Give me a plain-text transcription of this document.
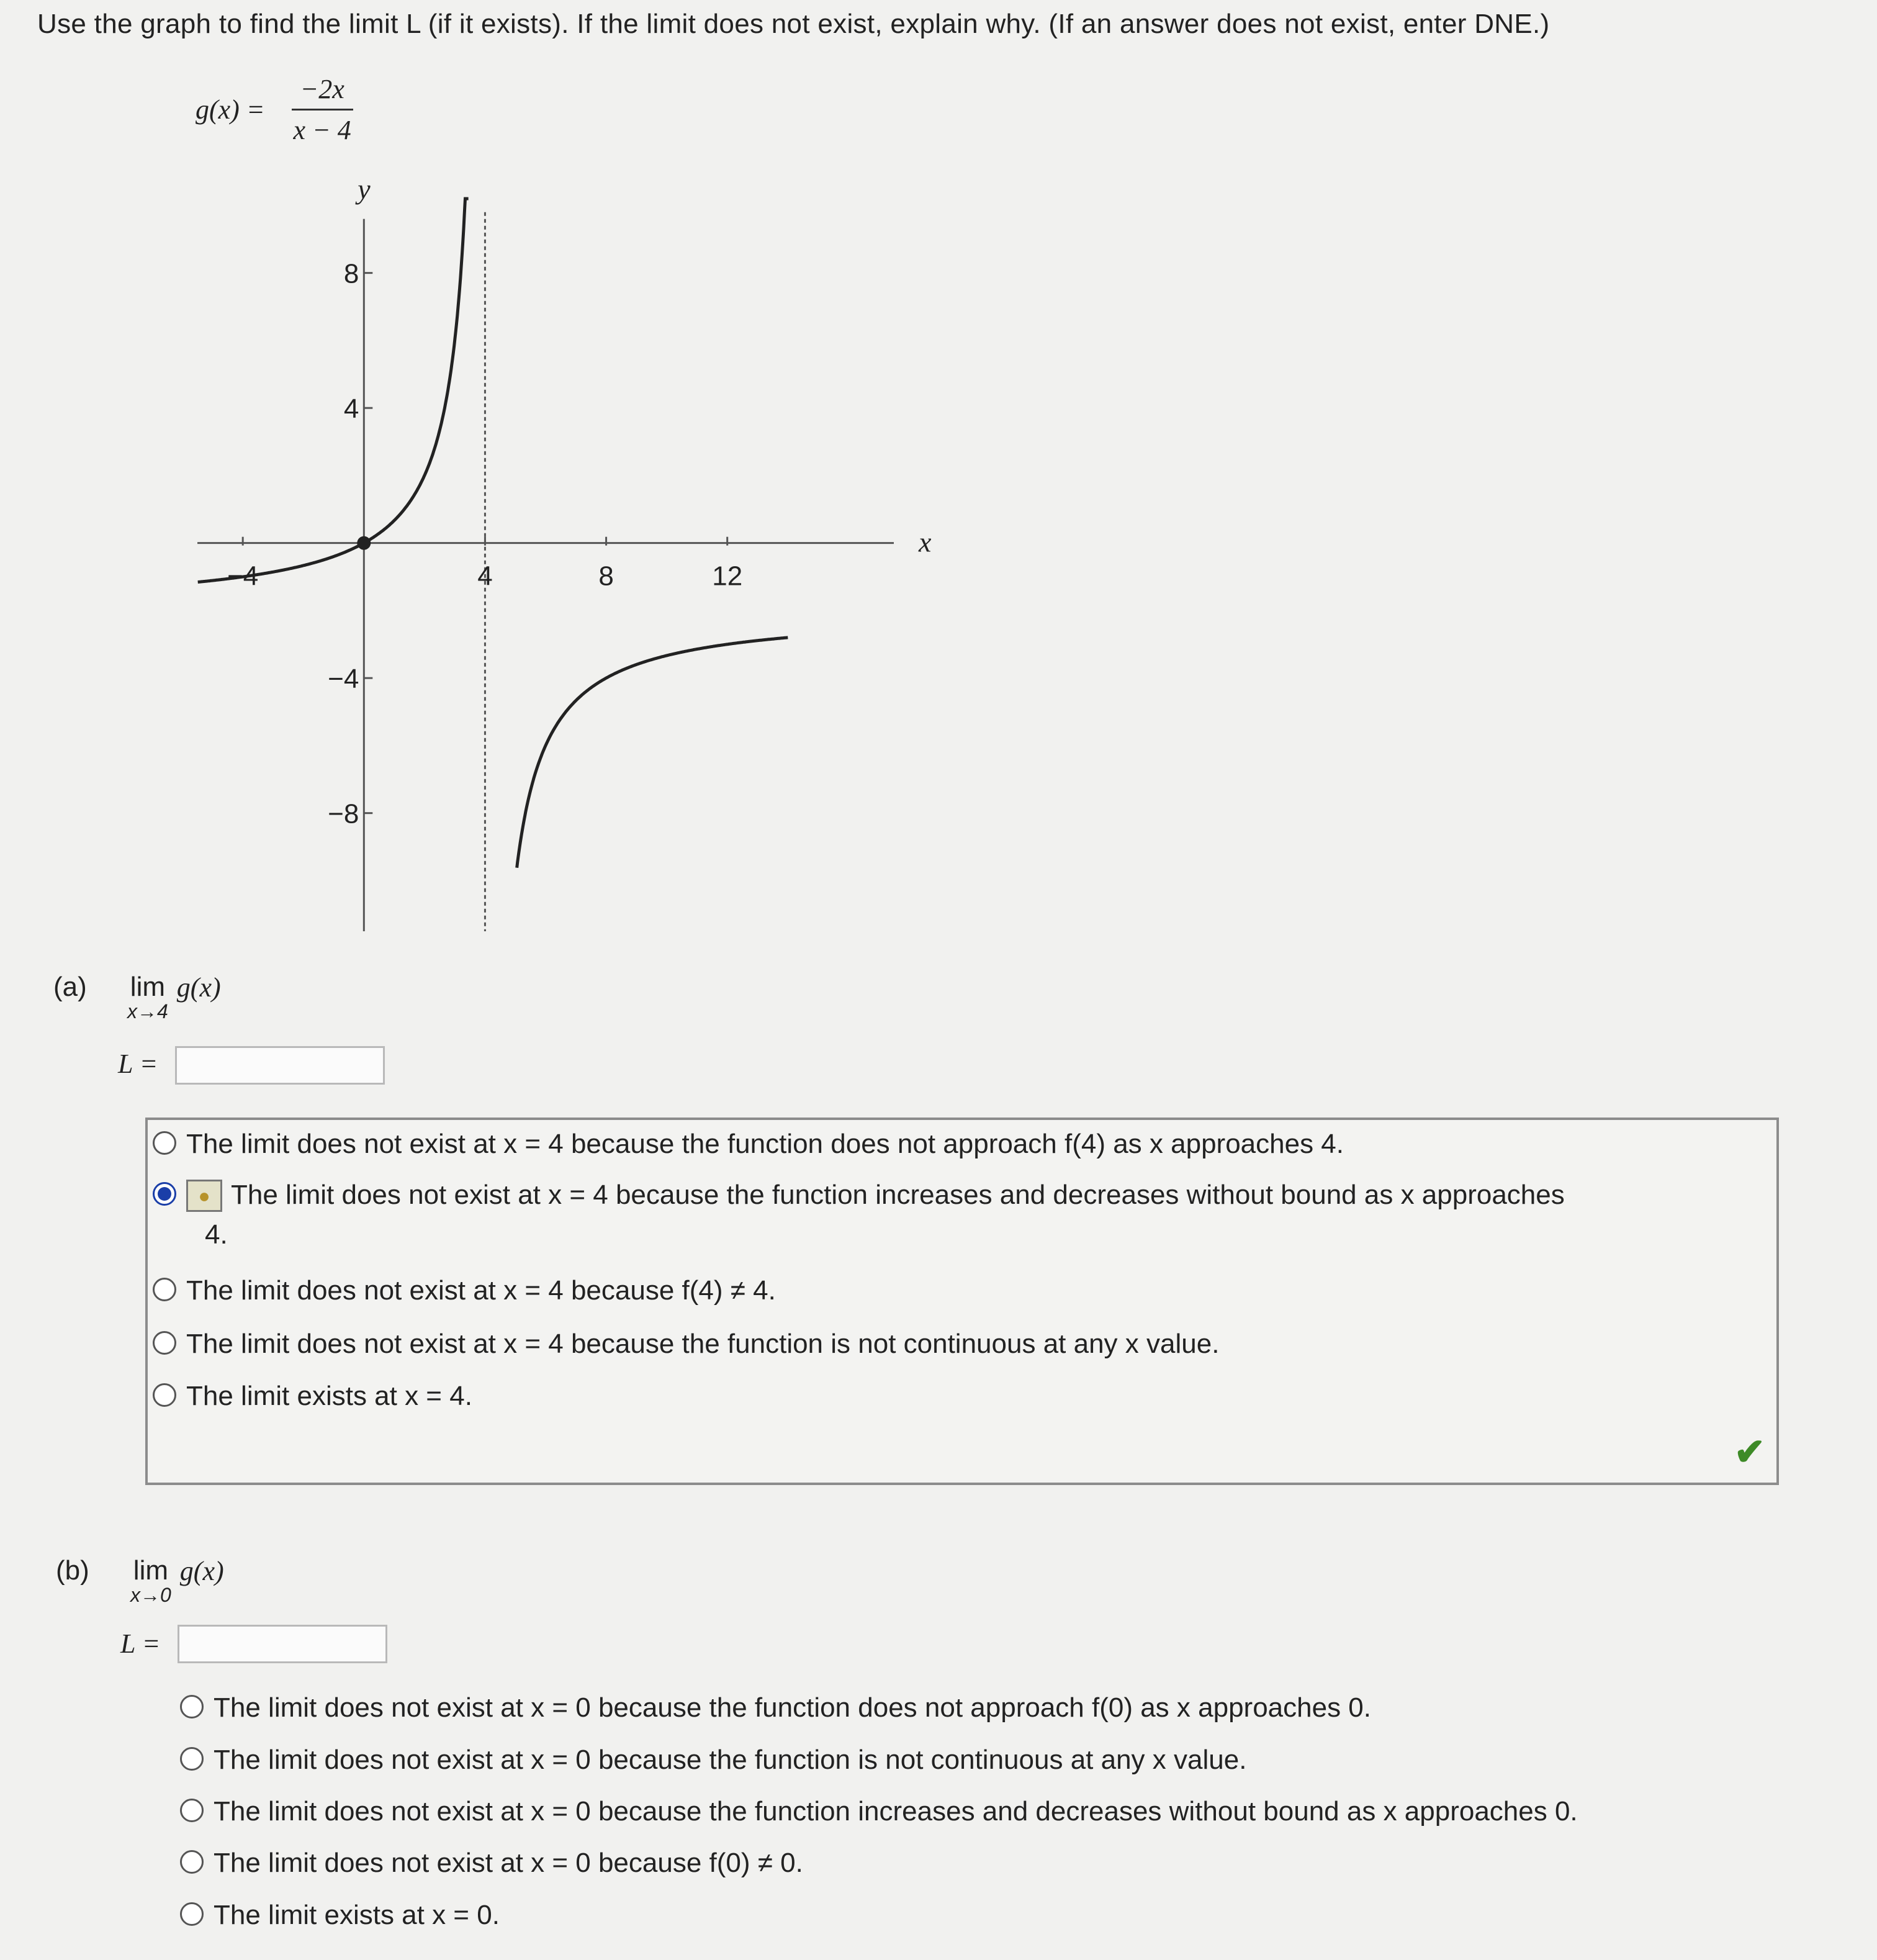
Use the graph to find the limit L (if it exists). If the limit does not exist, explain why. (If an answer does not exist, enter DNE.)
$g(x) = \frac{-2x}{x - 4}$
x
y
−4	4	8	12
8
4
−4
−8
(a) lim
x→4
g(x)
L =
The limit does not exist at x = 4 because the function does not approach f(4) as x approaches 4.
● The limit does not exist at x = 4 because the function increases and decreases without bound as x approaches
4.
The limit does not exist at x = 4 because f(4) ≠ 4.
The limit does not exist at x = 4 because the function is not continuous at any x value.
The limit exists at x = 4.
✔
(b) lim
x→0
g(x)
L =
The limit does not exist at x = 0 because the function does not approach f(0) as x approaches 0.
The limit does not exist at x = 0 because the function is not continuous at any x value.
The limit does not exist at x = 0 because the function increases and decreases without bound as x approaches 0.
The limit does not exist at x = 0 because f(0) ≠ 0.
The limit exists at x = 0.
